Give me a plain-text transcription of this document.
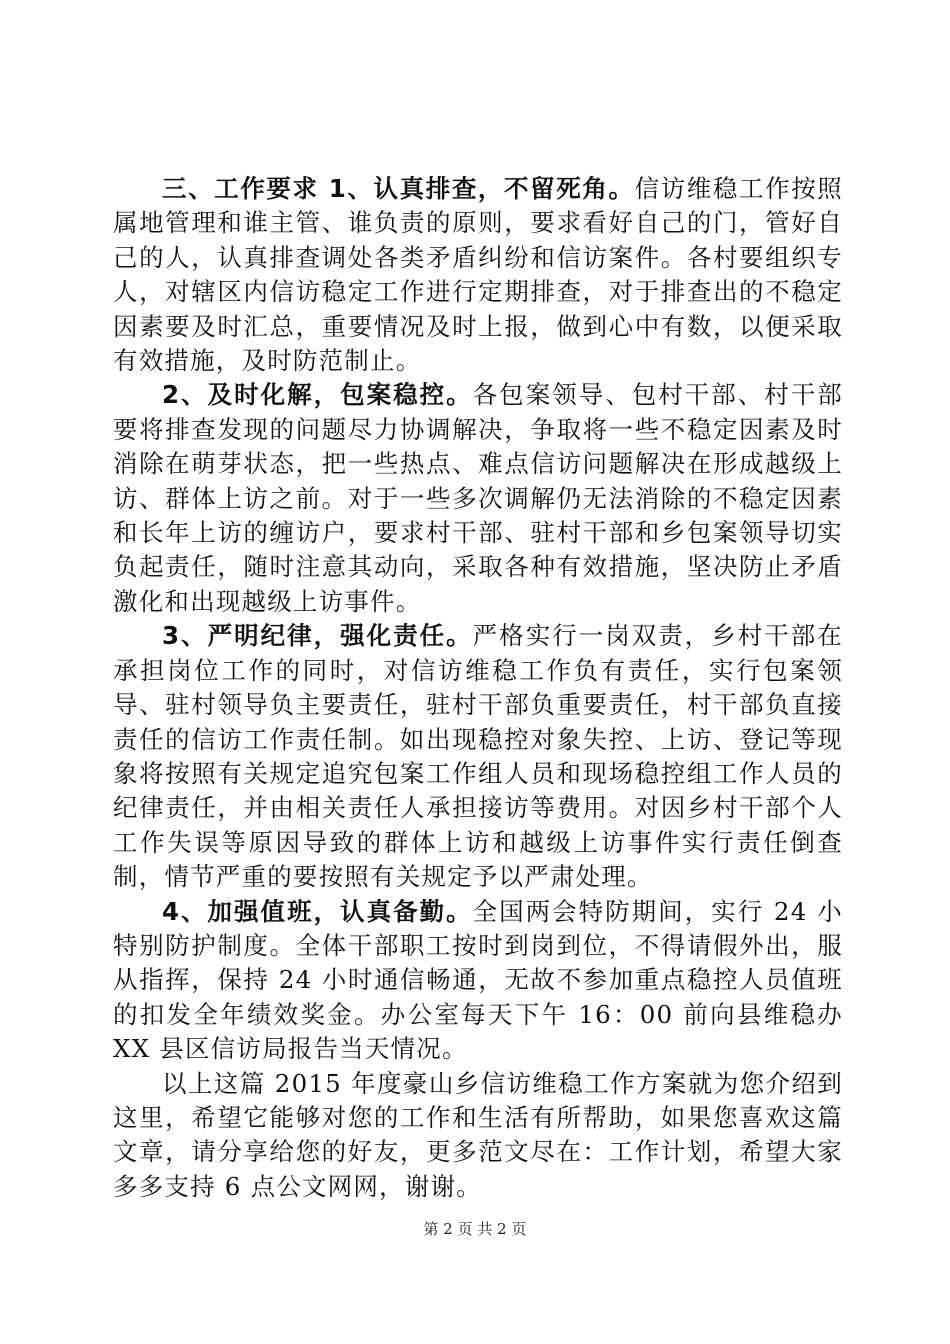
三、工作要求 1、认真排查，不留死角。信访维稳工作按照属地管理和谁主管、谁负责的原则，要求看好自己的门，管好自己的人，认真排查调处各类矛盾纠纷和信访案件。各村要组织专人，对辖区内信访稳定工作进行定期排查，对于排查出的不稳定因素要及时汇总，重要情况及时上报，做到心中有数，以便采取有效措施，及时防范制止。

2、及时化解，包案稳控。各包案领导、包村干部、村干部要将排查发现的问题尽力协调解决，争取将一些不稳定因素及时消除在萌芽状态，把一些热点、难点信访问题解决在形成越级上访、群体上访之前。对于一些多次调解仍无法消除的不稳定因素和长年上访的缠访户，要求村干部、驻村干部和乡包案领导切实负起责任，随时注意其动向，采取各种有效措施，坚决防止矛盾激化和出现越级上访事件。

3、严明纪律，强化责任。严格实行一岗双责，乡村干部在承担岗位工作的同时，对信访维稳工作负有责任，实行包案领导、驻村领导负主要责任，驻村干部负重要责任，村干部负直接责任的信访工作责任制。如出现稳控对象失控、上访、登记等现象将按照有关规定追究包案工作组人员和现场稳控组工作人员的纪律责任，并由相关责任人承担接访等费用。对因乡村干部个人工作失误等原因导致的群体上访和越级上访事件实行责任倒查制，情节严重的要按照有关规定予以严肃处理。

4、加强值班，认真备勤。全国两会特防期间，实行 24 小特别防护制度。全体干部职工按时到岗到位，不得请假外出，服从指挥，保持 24 小时通信畅通，无故不参加重点稳控人员值班的扣发全年绩效奖金。办公室每天下午 16：00 前向县维稳办 XX 县区信访局报告当天情况。

以上这篇 2015 年度豪山乡信访维稳工作方案就为您介绍到这里，希望它能够对您的工作和生活有所帮助，如果您喜欢这篇文章，请分享给您的好友，更多范文尽在：工作计划，希望大家多多支持 6 点公文网网，谢谢。

第 2 页 共 2 页
